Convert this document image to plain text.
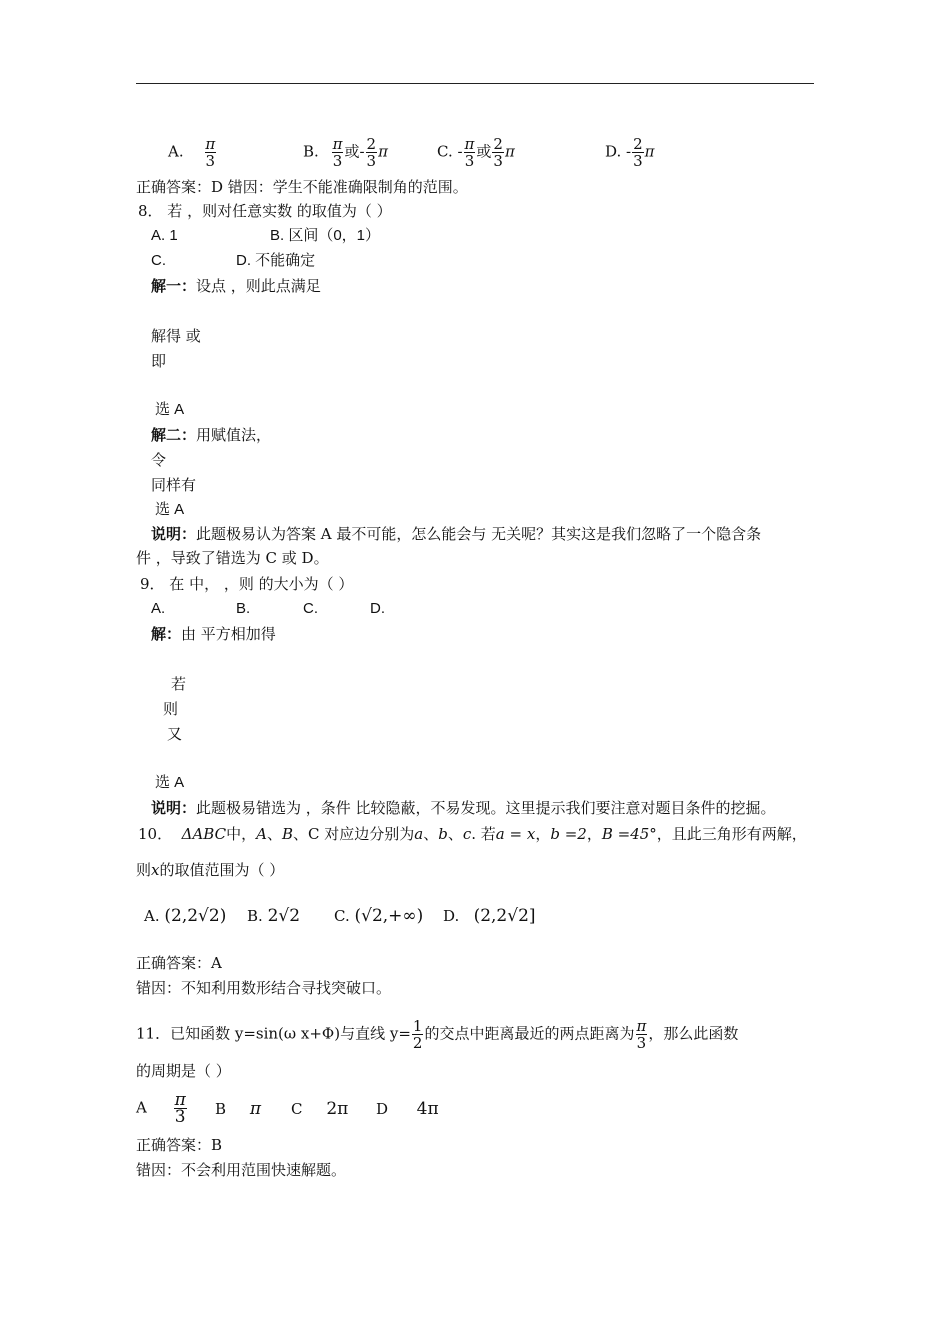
A. $\frac{\pi}{3}$	B. $\frac{\pi}{3}$ 或- $\frac{2}{3}$ π	C. - $\frac{\pi}{3}$ 或 $\frac{2}{3}$ π	D. - $\frac{2}{3}$ π
正确答案：D 错因：学生不能准确限制角的范围。
8． 若 ，则对任意实数 的取值为（ ）
A. 1	B. 区间（0，1）
C.	D. 不能确定
解一：设点 ，则此点满足
解得 或
即
选 A
解二：用赋值法，
令
同样有
选 A
说明：此题极易认为答案 A 最不可能，怎么能会与 无关呢？其实这是我们忽略了一个隐含条
件 ，导致了错选为 C 或 D。
9． 在 中， ，则 的大小为（ ）
A.	B.	C.	D.
解：由 平方相加得
若
则
又
选 A
说明：此题极易错选为 ，条件 比较隐蔽，不易发现。这里提示我们要注意对题目条件的挖掘。
10． ΔABC中，A、B、C 对应边分别为a、b、c. 若a = x，b =2，B =45°，且此三角形有两解，
则x的取值范围为（ ）
A. (2,2√2) B. 2√2 C. (√2,+∞) D. (2,2√2]
正确答案：A
错因：不知利用数形结合寻找突破口。
11．已知函数 y=sin(ω x+Φ)与直线 $y= \frac{1}{2}$ 的交点中距离最近的两点距离为 $\frac{\pi}{3}$ ，那么此函数
的周期是（ ）
A $\frac{\pi}{3}$ B π C 2π D 4π
正确答案：B
错因：不会利用范围快速解题。
